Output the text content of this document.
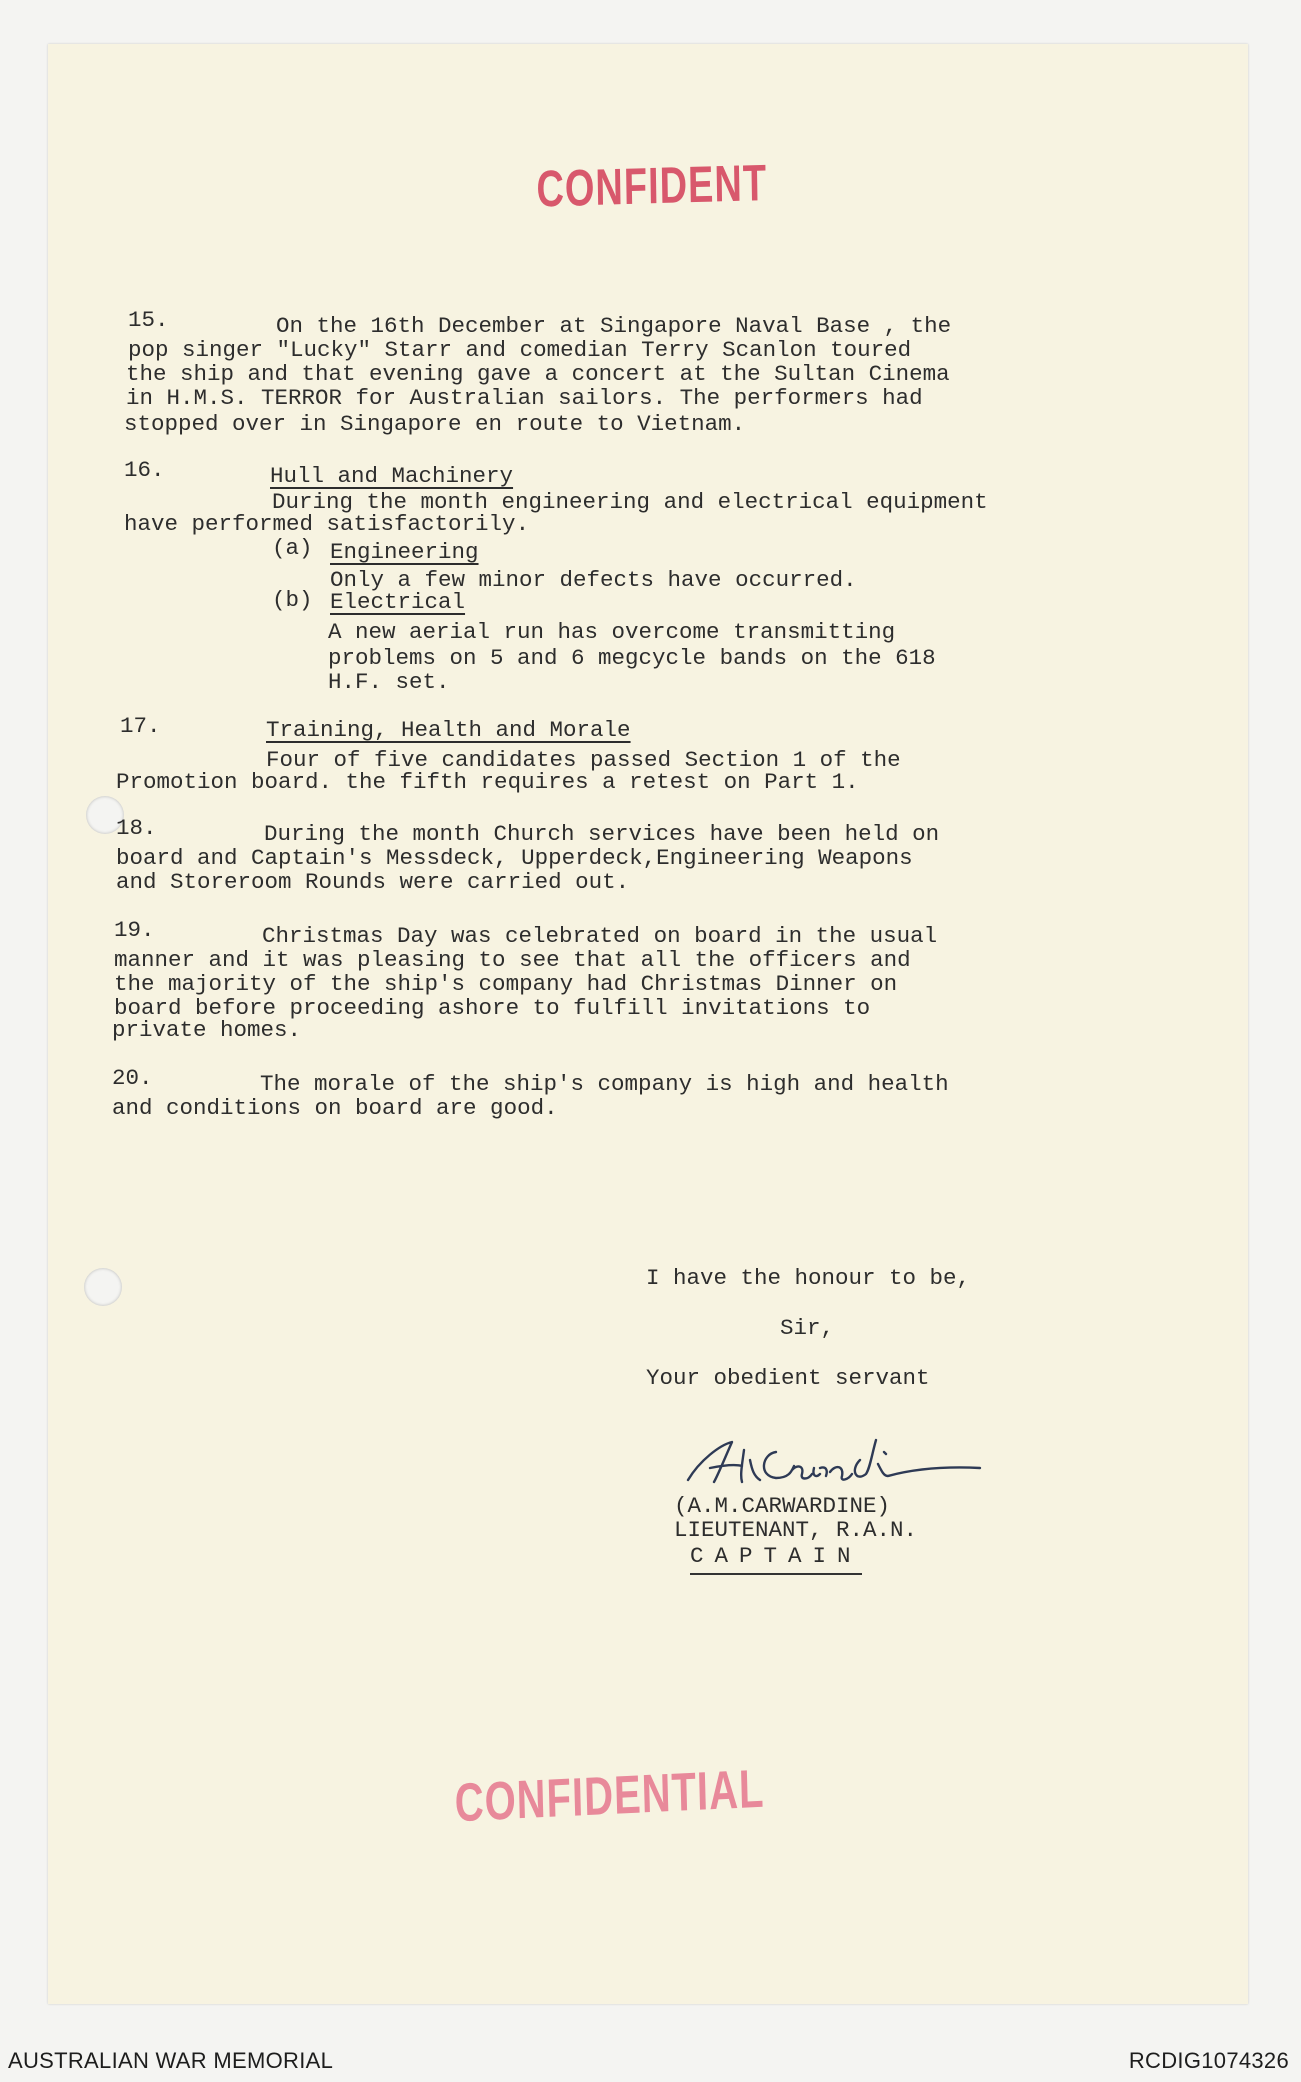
CONFIDENT
15.	On the 16th December at Singapore Naval Base , the
pop singer "Lucky" Starr and comedian Terry Scanlon toured
the ship and that evening gave a concert at the Sultan Cinema
in H.M.S. TERROR for Australian sailors. The performers had
stopped over in Singapore en route to Vietnam.
16.	Hull and Machinery
During the month engineering and electrical equipment
have performed satisfactorily.
(a) Engineering
Only a few minor defects have occurred.
(b) Electrical
A new aerial run has overcome transmitting
problems on 5 and 6 megcycle bands on the 618
H.F. set.
17.	Training, Health and Morale
Four of five candidates passed Section 1 of the
Promotion board. the fifth requires a retest on Part 1.
18.	During the month Church services have been held on
board and Captain's Messdeck, Upperdeck,Engineering Weapons
and Storeroom Rounds were carried out.
19.	Christmas Day was celebrated on board in the usual
manner and it was pleasing to see that all the officers and
the majority of the ship's company had Christmas Dinner on
board before proceeding ashore to fulfill invitations to
private homes.
20.	The morale of the ship's company is high and health
and conditions on board are good.
I have the honour to be,
Sir,
Your obedient servant
(A.M.CARWARDINE)
LIEUTENANT, R.A.N.
CAPTAIN
CONFIDENTIAL
AUSTRALIAN WAR MEMORIAL	RCDIG1074326
